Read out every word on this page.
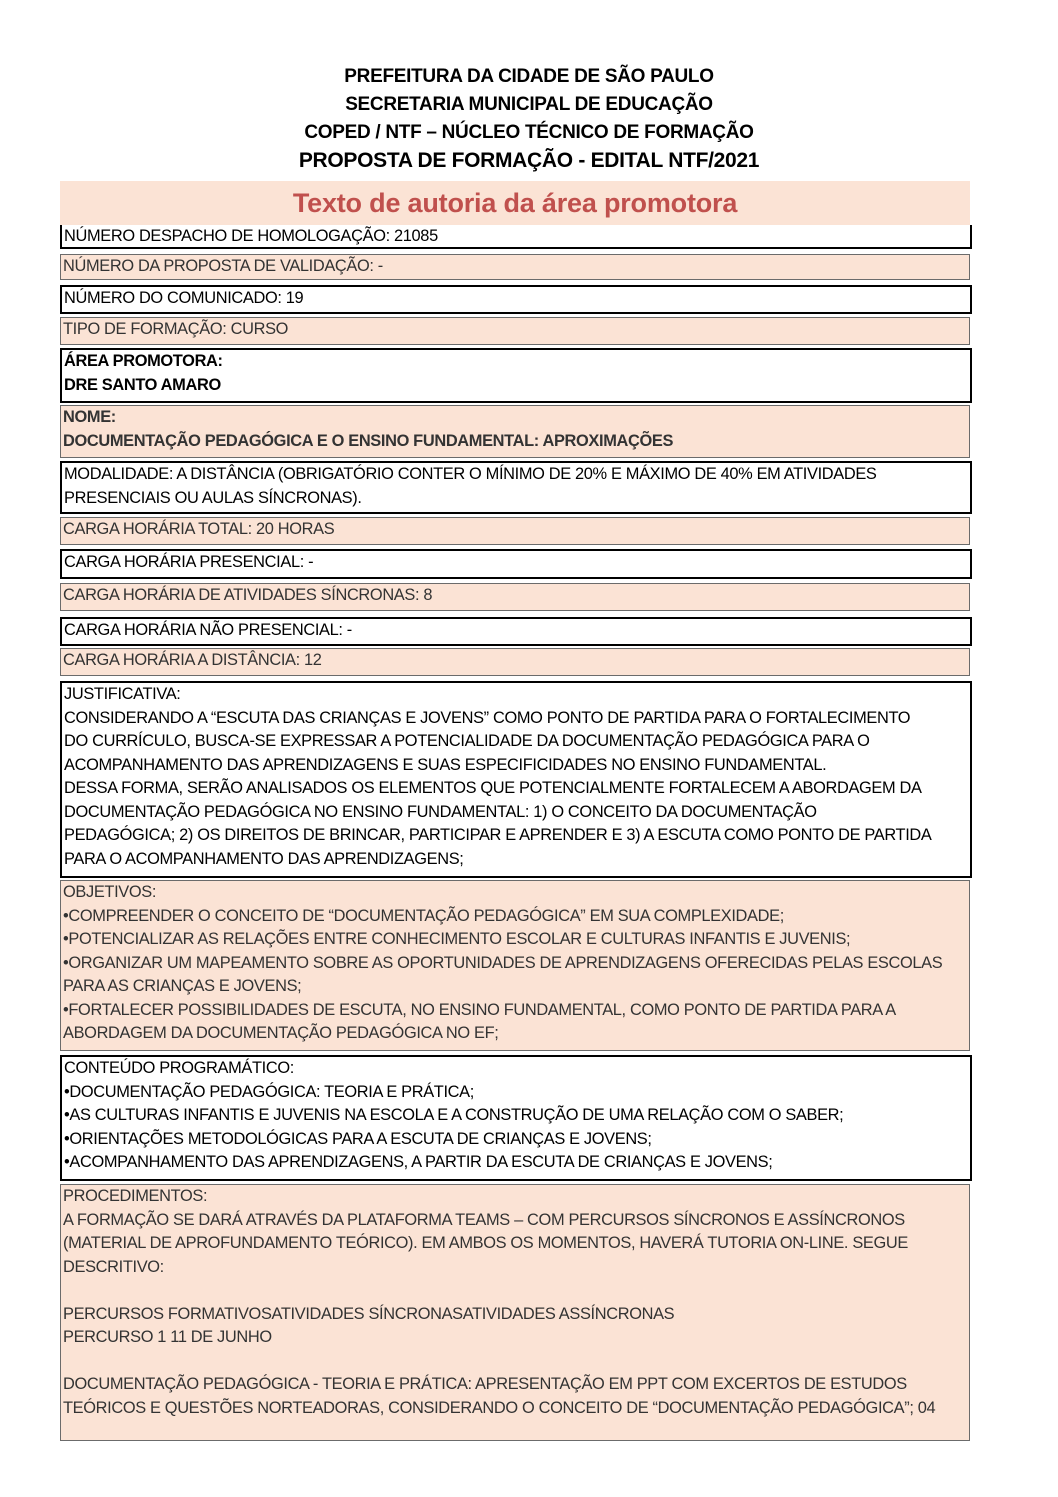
PREFEITURA DA CIDADE DE SÃO PAULO
SECRETARIA MUNICIPAL DE EDUCAÇÃO
COPED / NTF – NÚCLEO TÉCNICO DE FORMAÇÃO
PROPOSTA DE FORMAÇÃO - EDITAL NTF/2021
Texto de autoria da área promotora
NÚMERO DESPACHO DE HOMOLOGAÇÃO: 21085
NÚMERO DA PROPOSTA DE VALIDAÇÃO: -
NÚMERO DO COMUNICADO: 19
TIPO DE FORMAÇÃO: CURSO
ÁREA PROMOTORA:
DRE SANTO AMARO
NOME:
DOCUMENTAÇÃO PEDAGÓGICA E O ENSINO FUNDAMENTAL: APROXIMAÇÕES
MODALIDADE: A DISTÂNCIA (OBRIGATÓRIO CONTER O MÍNIMO DE 20% E MÁXIMO DE 40% EM ATIVIDADES
PRESENCIAIS OU AULAS SÍNCRONAS).
CARGA HORÁRIA TOTAL: 20 HORAS
CARGA HORÁRIA PRESENCIAL: -
CARGA HORÁRIA DE ATIVIDADES SÍNCRONAS: 8
CARGA HORÁRIA NÃO PRESENCIAL: -
CARGA HORÁRIA A DISTÂNCIA: 12
JUSTIFICATIVA:
CONSIDERANDO A “ESCUTA DAS CRIANÇAS E JOVENS” COMO PONTO DE PARTIDA PARA O FORTALECIMENTO
DO CURRÍCULO, BUSCA-SE EXPRESSAR A POTENCIALIDADE DA DOCUMENTAÇÃO PEDAGÓGICA PARA O
ACOMPANHAMENTO DAS APRENDIZAGENS E SUAS ESPECIFICIDADES NO ENSINO FUNDAMENTAL.
DESSA FORMA, SERÃO ANALISADOS OS ELEMENTOS QUE POTENCIALMENTE FORTALECEM A ABORDAGEM DA
DOCUMENTAÇÃO PEDAGÓGICA NO ENSINO FUNDAMENTAL: 1) O CONCEITO DA DOCUMENTAÇÃO
PEDAGÓGICA; 2) OS DIREITOS DE BRINCAR, PARTICIPAR E APRENDER E 3) A ESCUTA COMO PONTO DE PARTIDA
PARA O ACOMPANHAMENTO DAS APRENDIZAGENS;
OBJETIVOS:
•COMPREENDER O CONCEITO DE “DOCUMENTAÇÃO PEDAGÓGICA” EM SUA COMPLEXIDADE;
•POTENCIALIZAR AS RELAÇÕES ENTRE CONHECIMENTO ESCOLAR E CULTURAS INFANTIS E JUVENIS;
•ORGANIZAR UM MAPEAMENTO SOBRE AS OPORTUNIDADES DE APRENDIZAGENS OFERECIDAS PELAS ESCOLAS
PARA AS CRIANÇAS E JOVENS;
•FORTALECER POSSIBILIDADES DE ESCUTA, NO ENSINO FUNDAMENTAL, COMO PONTO DE PARTIDA PARA A
ABORDAGEM DA DOCUMENTAÇÃO PEDAGÓGICA NO EF;
CONTEÚDO PROGRAMÁTICO:
•DOCUMENTAÇÃO PEDAGÓGICA: TEORIA E PRÁTICA;
•AS CULTURAS INFANTIS E JUVENIS NA ESCOLA E A CONSTRUÇÃO DE UMA RELAÇÃO COM O SABER;
•ORIENTAÇÕES METODOLÓGICAS PARA A ESCUTA DE CRIANÇAS E JOVENS;
•ACOMPANHAMENTO DAS APRENDIZAGENS, A PARTIR DA ESCUTA DE CRIANÇAS E JOVENS;
PROCEDIMENTOS:
A FORMAÇÃO SE DARÁ ATRAVÉS DA PLATAFORMA TEAMS – COM PERCURSOS SÍNCRONOS E ASSÍNCRONOS
(MATERIAL DE APROFUNDAMENTO TEÓRICO). EM AMBOS OS MOMENTOS, HAVERÁ TUTORIA ON-LINE. SEGUE
DESCRITIVO:

PERCURSOS FORMATIVOSATIVIDADES SÍNCRONASATIVIDADES ASSÍNCRONAS
PERCURSO 1 11 DE JUNHO

DOCUMENTAÇÃO PEDAGÓGICA - TEORIA E PRÁTICA: APRESENTAÇÃO EM PPT COM EXCERTOS DE ESTUDOS
TEÓRICOS E QUESTÕES NORTEADORAS, CONSIDERANDO O CONCEITO DE “DOCUMENTAÇÃO PEDAGÓGICA”; 04
